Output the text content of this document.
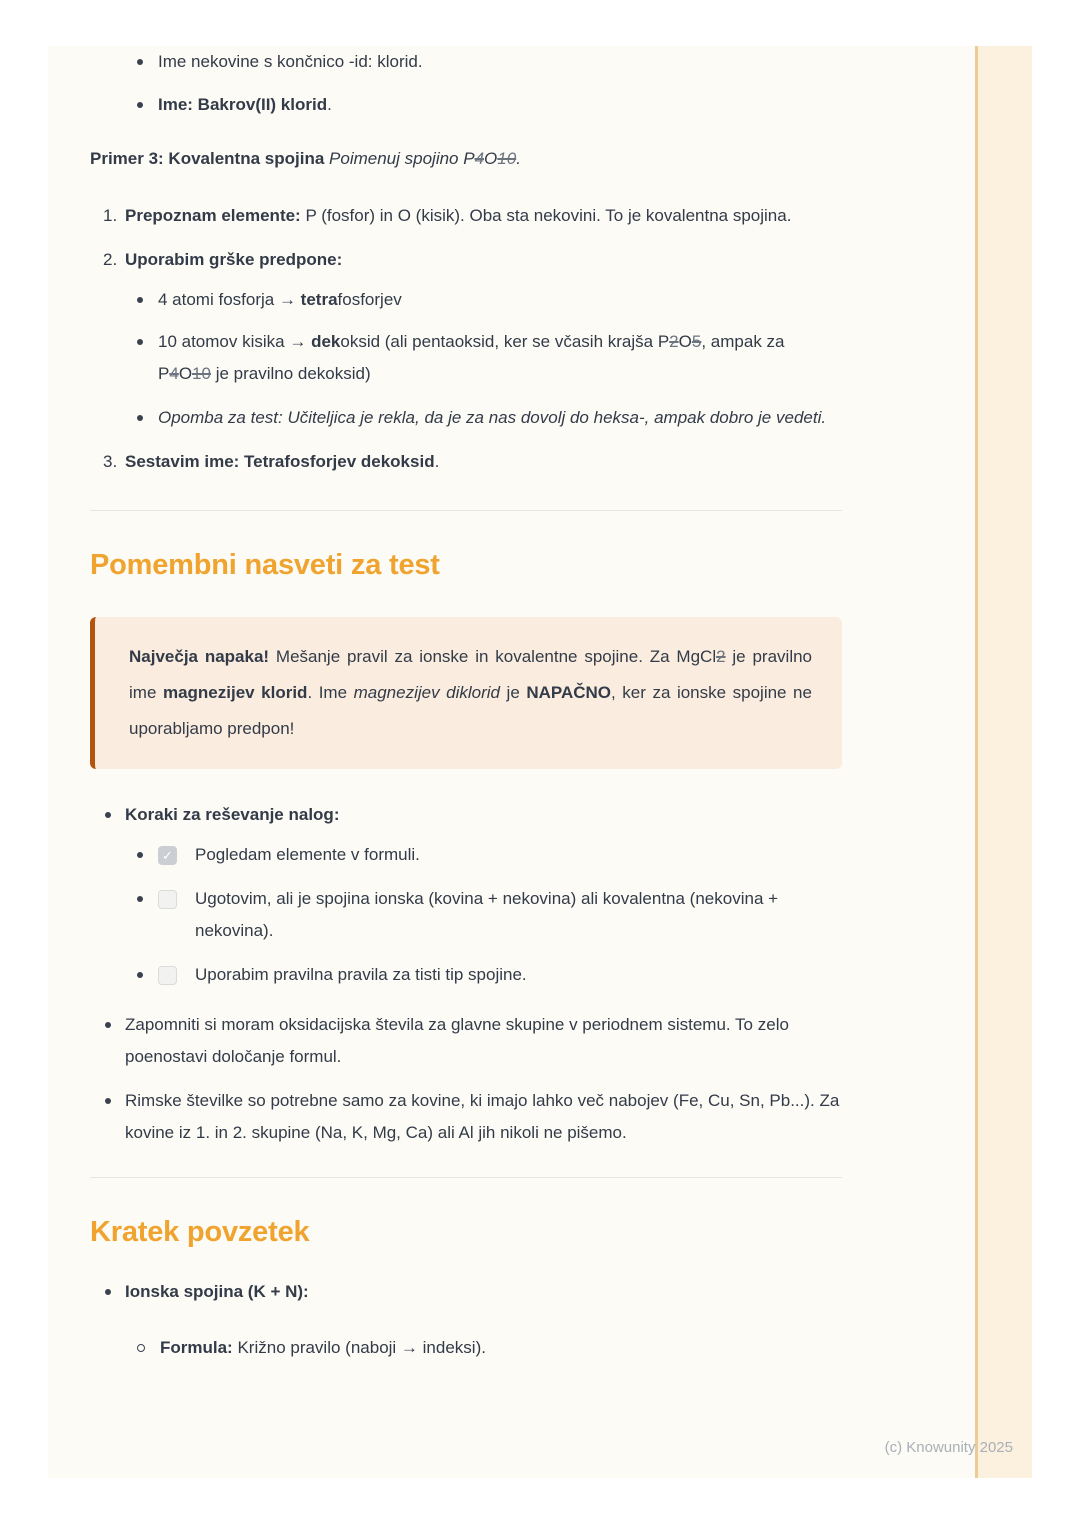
Ime nekovine s končnico -id: klorid.
Ime: Bakrov(II) klorid.
Primer 3: Kovalentna spojina Poimenuj spojino P4O10.
1. Prepoznam elemente: P (fosfor) in O (kisik). Oba sta nekovini. To je kovalentna spojina.
2. Uporabim grške predpone:
4 atomi fosforja → tetrafosforjev
10 atomov kisika → dekoksid (ali pentaoksid, ker se včasih krajša P2O5, ampak za P4O10 je pravilno dekoksid)
Opomba za test: Učiteljica je rekla, da je za nas dovolj do heksa-, ampak dobro je vedeti.
3. Sestavim ime: Tetrafosforjev dekoksid.
Pomembni nasveti za test
Največja napaka! Mešanje pravil za ionske in kovalentne spojine. Za MgCl2 je pravilno ime magnezijev klorid. Ime magnezijev diklorid je NAPAČNO, ker za ionske spojine ne uporabljamo predpon!
Koraki za reševanje nalog:
✓ Pogledam elemente v formuli.
Ugotovim, ali je spojina ionska (kovina + nekovina) ali kovalentna (nekovina + nekovina).
Uporabim pravilna pravila za tisti tip spojine.
Zapomniti si moram oksidacijska števila za glavne skupine v periodnem sistemu. To zelo poenostavi določanje formul.
Rimske številke so potrebne samo za kovine, ki imajo lahko več nabojev (Fe, Cu, Sn, Pb...). Za kovine iz 1. in 2. skupine (Na, K, Mg, Ca) ali Al jih nikoli ne pišemo.
Kratek povzetek
Ionska spojina (K + N):
Formula: Križno pravilo (naboji → indeksi).
(c) Knowunity 2025
